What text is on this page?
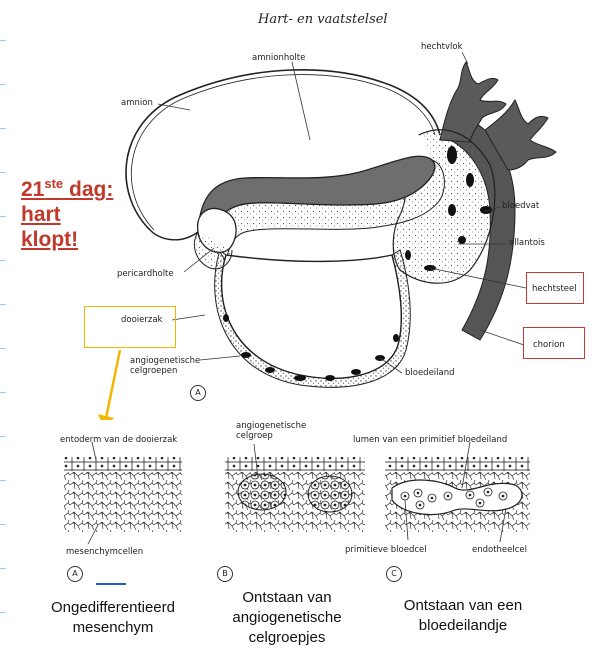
Hart- en vaatstelsel
21ste dag:
hart
klopt!
amnionholte
amnion
hechtvlok
bloedvat
allantois
hechtsteel
chorion
pericardholte
dooierzak
angiogenetische
celgroepen	bloedeiland
A
entoderm van de dooierzak
mesenchymcellen
angiogenetische
celgroep	lumen van een primitief bloedeiland
primitieve bloedcel	endotheelcel
A	B	C
Ongedifferentieerd
mesenchym
Ontstaan van
angiogenetische
celgroepjes
Ontstaan van een
bloedeilandje
